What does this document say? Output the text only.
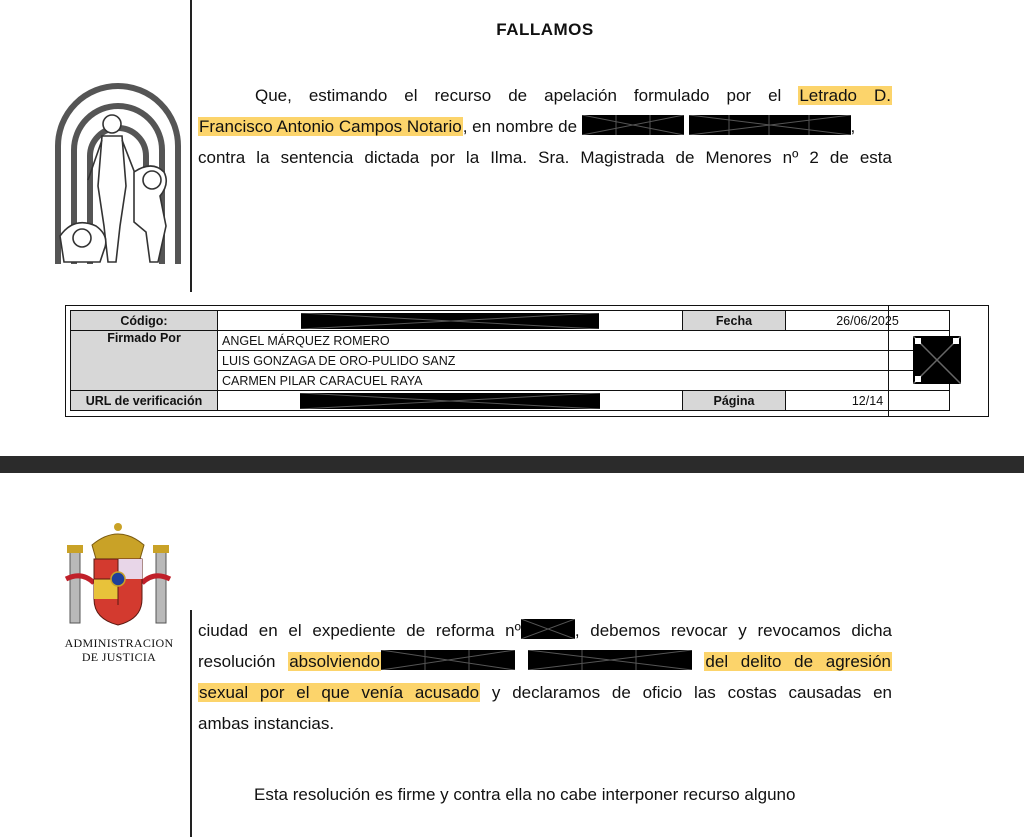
FALLAMOS
Que, estimando el recurso de apelación formulado por el Letrado D.
Francisco Antonio Campos Notario, en nombre de
	,
contra la sentencia dictada por la Ilma. Sra. Magistrada de Menores nº 2 de esta
Código:		Fecha	26/06/2025
Firmado Por	ANGEL MÁRQUEZ ROMERO		
	LUIS GONZAGA DE ORO-PULIDO SANZ		
	CARMEN PILAR CARACUEL RAYA		
URL de verificación		Página	12/14
ADMINISTRACION DE JUSTICIA
ciudad en el expediente de reforma nº	, debemos revocar y revocamos dicha
resolución absolviendo
	del delito de agresión
sexual por el que venía acusado y declaramos de oficio las costas causadas en
ambas instancias.
Esta resolución es firme y contra ella no cabe interponer recurso alguno
